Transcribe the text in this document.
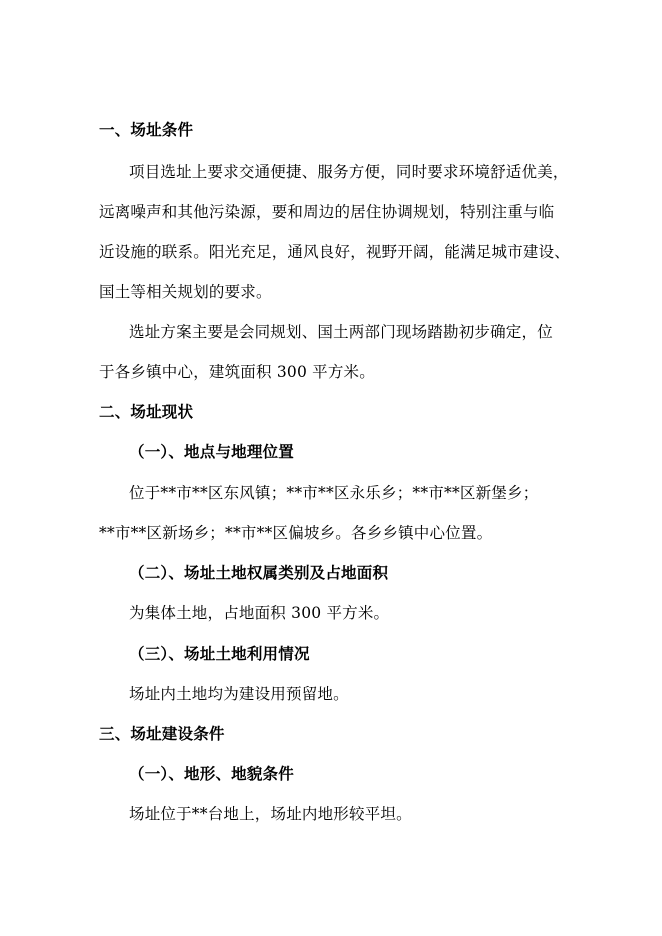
一、场址条件
项目选址上要求交通便捷、服务方便，同时要求环境舒适优美，
远离噪声和其他污染源，要和周边的居住协调规划，特别注重与临
近设施的联系。阳光充足，通风良好，视野开阔，能满足城市建设、
国土等相关规划的要求。
选址方案主要是会同规划、国土两部门现场踏勘初步确定，位
于各乡镇中心，建筑面积 300 平方米。
二、场址现状
（一）、地点与地理位置
位于**市**区东风镇；**市**区永乐乡；**市**区新堡乡；
**市**区新场乡；**市**区偏坡乡。各乡乡镇中心位置。
（二）、场址土地权属类别及占地面积
为集体土地，占地面积 300 平方米。
（三）、场址土地利用情况
场址内土地均为建设用预留地。
三、场址建设条件
（一）、地形、地貌条件
场址位于**台地上，场址内地形较平坦。
